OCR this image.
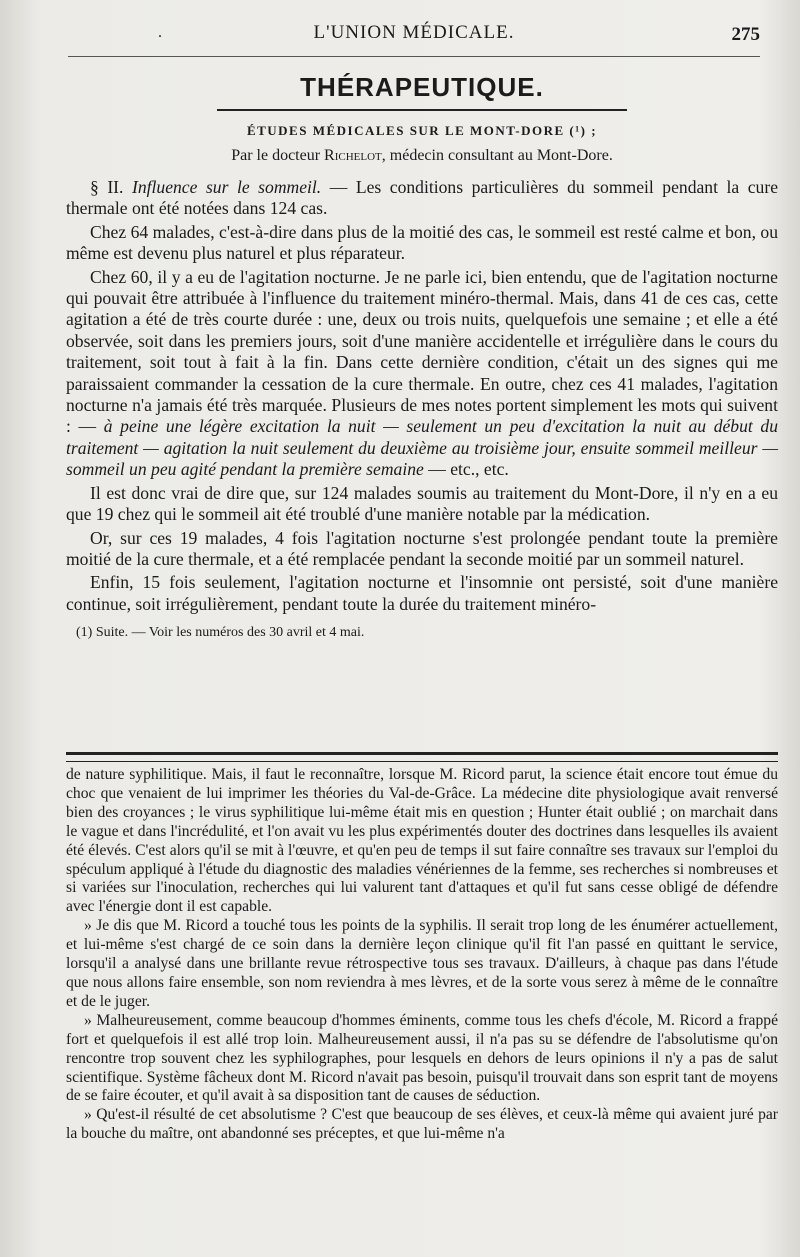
.	L'UNION MÉDICALE.	275
THÉRAPEUTIQUE.
ÉTUDES MÉDICALES SUR LE MONT-DORE (¹) ;
Par le docteur Richelot, médecin consultant au Mont-Dore.

§ II. Influence sur le sommeil. — Les conditions particulières du sommeil pendant la cure thermale ont été notées dans 124 cas.

Chez 64 malades, c'est-à-dire dans plus de la moitié des cas, le sommeil est resté calme et bon, ou même est devenu plus naturel et plus réparateur.

Chez 60, il y a eu de l'agitation nocturne. Je ne parle ici, bien entendu, que de l'agitation nocturne qui pouvait être attribuée à l'influence du traitement minéro-thermal. Mais, dans 41 de ces cas, cette agitation a été de très courte durée : une, deux ou trois nuits, quelquefois une semaine ; et elle a été observée, soit dans les premiers jours, soit d'une manière accidentelle et irrégulière dans le cours du traitement, soit tout à fait à la fin. Dans cette dernière condition, c'était un des signes qui me paraissaient commander la cessation de la cure thermale. En outre, chez ces 41 malades, l'agitation nocturne n'a jamais été très marquée. Plusieurs de mes notes portent simplement les mots qui suivent : — à peine une légère excitation la nuit — seulement un peu d'excitation la nuit au début du traitement — agitation la nuit seulement du deuxième au troisième jour, ensuite sommeil meilleur — sommeil un peu agité pendant la première semaine — etc., etc.

Il est donc vrai de dire que, sur 124 malades soumis au traitement du Mont-Dore, il n'y en a eu que 19 chez qui le sommeil ait été troublé d'une manière notable par la médication.

Or, sur ces 19 malades, 4 fois l'agitation nocturne s'est prolongée pendant toute la première moitié de la cure thermale, et a été remplacée pendant la seconde moitié par un sommeil naturel.

Enfin, 15 fois seulement, l'agitation nocturne et l'insomnie ont persisté, soit d'une manière continue, soit irrégulièrement, pendant toute la durée du traitement minéro-

(1) Suite. — Voir les numéros des 30 avril et 4 mai.

de nature syphilitique. Mais, il faut le reconnaître, lorsque M. Ricord parut, la science était encore tout émue du choc que venaient de lui imprimer les théories du Val-de-Grâce. La médecine dite physiologique avait renversé bien des croyances ; le virus syphilitique lui-même était mis en question ; Hunter était oublié ; on marchait dans le vague et dans l'incrédulité, et l'on avait vu les plus expérimentés douter des doctrines dans lesquelles ils avaient été élevés. C'est alors qu'il se mit à l'œuvre, et qu'en peu de temps il sut faire connaître ses travaux sur l'emploi du spéculum appliqué à l'étude du diagnostic des maladies vénériennes de la femme, ses recherches si nombreuses et si variées sur l'inoculation, recherches qui lui valurent tant d'attaques et qu'il fut sans cesse obligé de défendre avec l'énergie dont il est capable.

» Je dis que M. Ricord a touché tous les points de la syphilis. Il serait trop long de les énumérer actuellement, et lui-même s'est chargé de ce soin dans la dernière leçon clinique qu'il fit l'an passé en quittant le service, lorsqu'il a analysé dans une brillante revue rétrospective tous ses travaux. D'ailleurs, à chaque pas dans l'étude que nous allons faire ensemble, son nom reviendra à mes lèvres, et de la sorte vous serez à même de le connaître et de le juger.

» Malheureusement, comme beaucoup d'hommes éminents, comme tous les chefs d'école, M. Ricord a frappé fort et quelquefois il est allé trop loin. Malheureusement aussi, il n'a pas su se défendre de l'absolutisme qu'on rencontre trop souvent chez les syphilographes, pour lesquels en dehors de leurs opinions il n'y a pas de salut scientifique. Système fâcheux dont M. Ricord n'avait pas besoin, puisqu'il trouvait dans son esprit tant de moyens de se faire écouter, et qu'il avait à sa disposition tant de causes de séduction.

» Qu'est-il résulté de cet absolutisme ? C'est que beaucoup de ses élèves, et ceux-là même qui avaient juré par la bouche du maître, ont abandonné ses préceptes, et que lui-même n'a
